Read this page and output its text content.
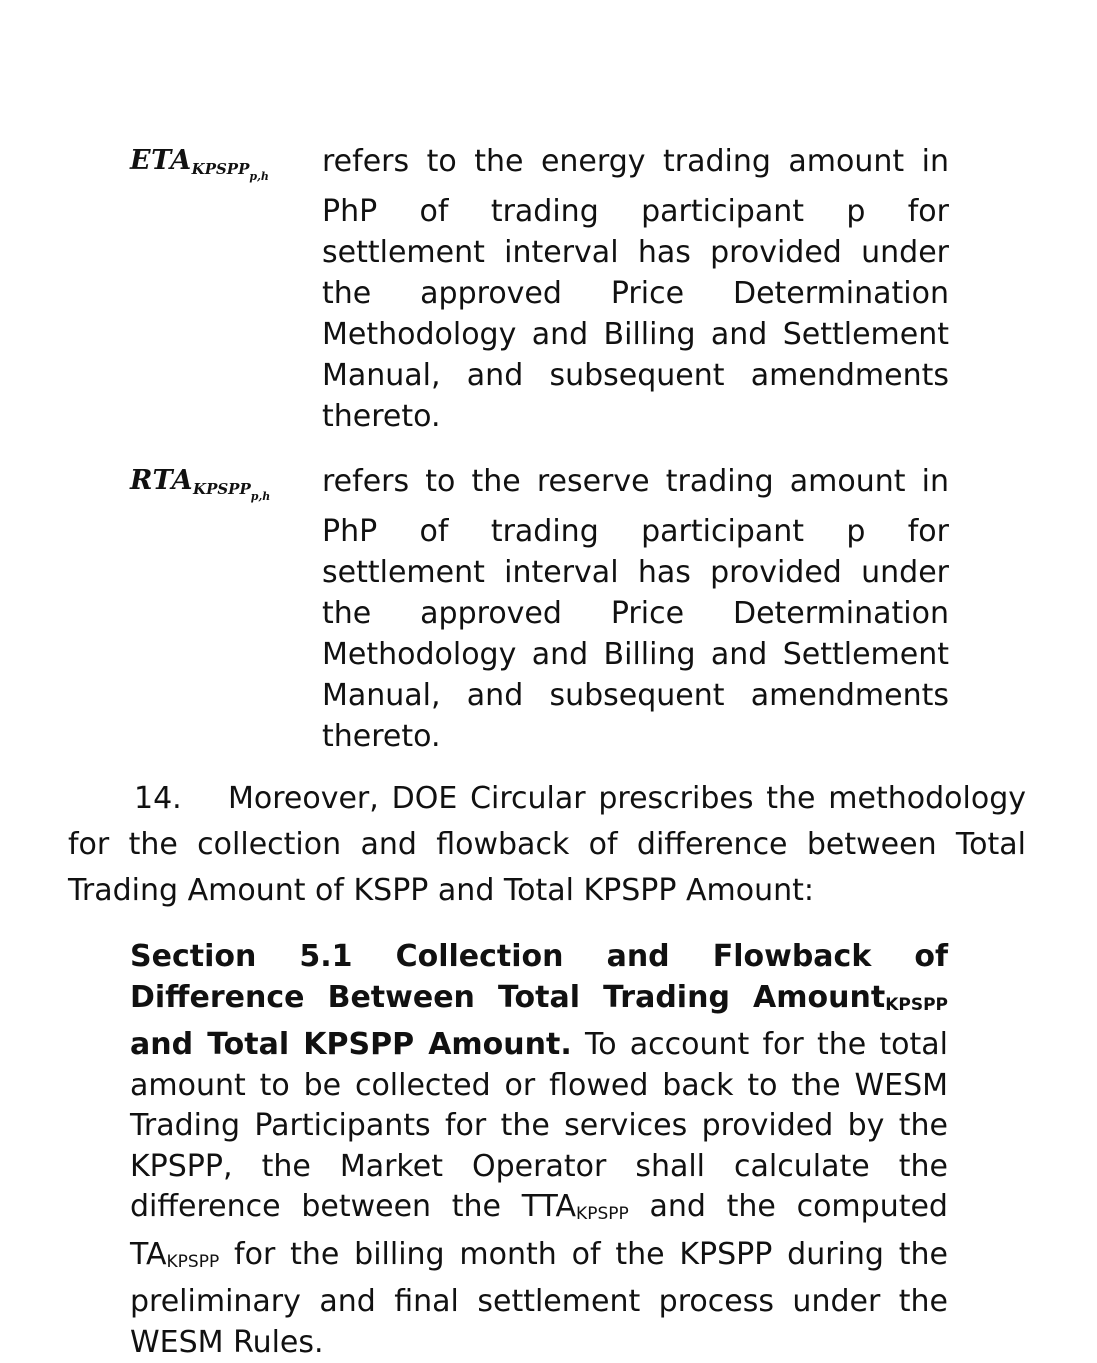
$ETAKPSPP_{p,h}$	refers to the energy trading amount in
PhP of trading participant p for settlement interval has provided under the approved Price Determination Methodology and Billing and Settlement Manual, and subsequent amendments thereto.
$RTAKPSPP_{p,h}$	refers to the reserve trading amount in
PhP of trading participant p for settlement interval has provided under the approved Price Determination Methodology and Billing and Settlement Manual, and subsequent amendments thereto.
14. Moreover, DOE Circular prescribes the methodology for the collection and flowback of difference between Total Trading Amount of KSPP and Total KPSPP Amount:
Section 5.1 Collection and Flowback of
Difference Between Total Trading AmountKPSPP and Total KPSPP Amount. To account for the total amount to be collected or flowed back to the WESM Trading Participants for the services provided by the KPSPP, the Market Operator shall calculate the difference between the TTAKPSPP and the computed TAKPSPP for the billing month of the KPSPP during the preliminary and final settlement process under the WESM Rules.
